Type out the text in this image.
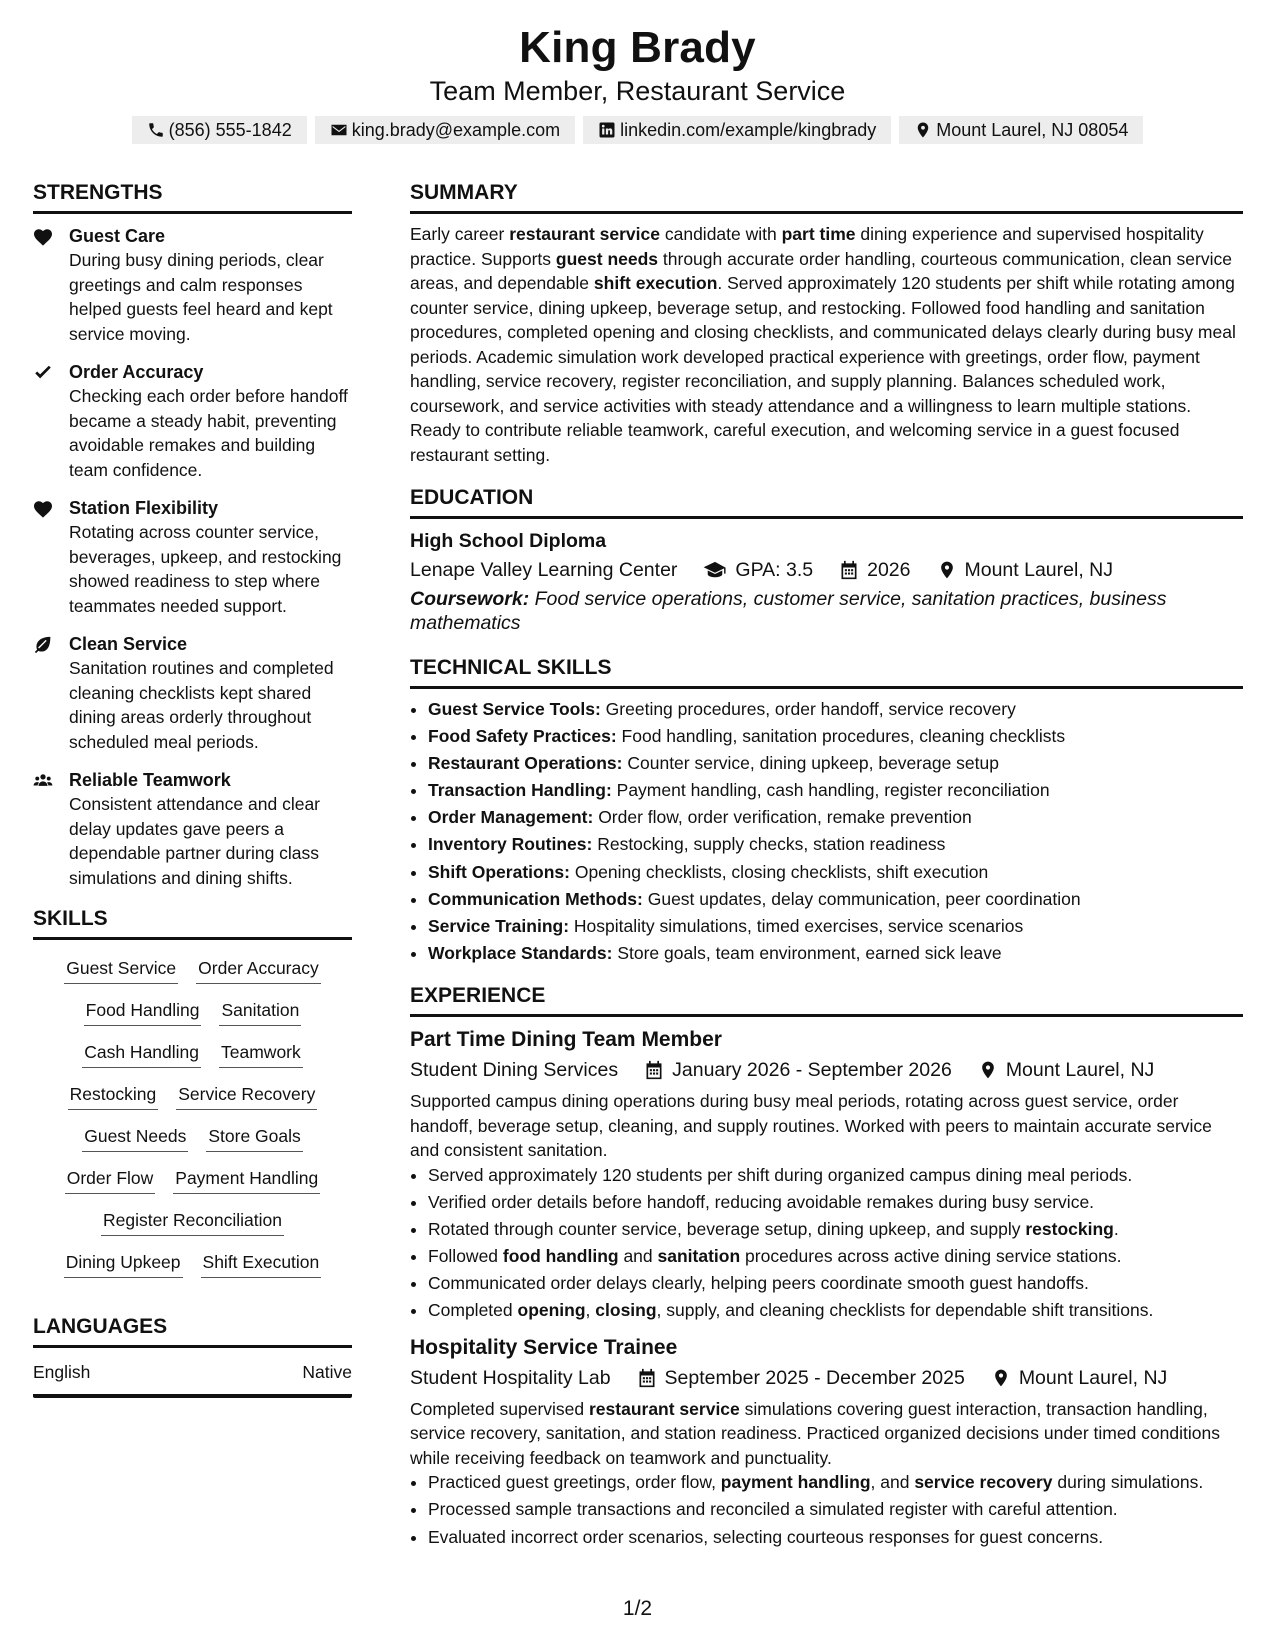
King Brady
Team Member, Restaurant Service
(856) 555-1842	king.brady@example.com	linkedin.com/example/kingbrady	Mount Laurel, NJ 08054
STRENGTHS
Guest Care
During busy dining periods, clear greetings and calm responses helped guests feel heard and kept service moving.
Order Accuracy
Checking each order before handoff became a steady habit, preventing avoidable remakes and building team confidence.
Station Flexibility
Rotating across counter service, beverages, upkeep, and restocking showed readiness to step where teammates needed support.
Clean Service
Sanitation routines and completed cleaning checklists kept shared dining areas orderly throughout scheduled meal periods.
Reliable Teamwork
Consistent attendance and clear delay updates gave peers a dependable partner during class simulations and dining shifts.
SKILLS
Guest Service Order Accuracy
Food Handling Sanitation
Cash Handling Teamwork
Restocking Service Recovery
Guest Needs Store Goals
Order Flow Payment Handling
Register Reconciliation
Dining Upkeep Shift Execution
LANGUAGES
English	Native
SUMMARY
Early career restaurant service candidate with part time dining experience and supervised hospitality practice. Supports guest needs through accurate order handling, courteous communication, clean service areas, and dependable shift execution. Served approximately 120 students per shift while rotating among counter service, dining upkeep, beverage setup, and restocking. Followed food handling and sanitation procedures, completed opening and closing checklists, and communicated delays clearly during busy meal periods. Academic simulation work developed practical experience with greetings, order flow, payment handling, service recovery, register reconciliation, and supply planning. Balances scheduled work, coursework, and service activities with steady attendance and a willingness to learn multiple stations. Ready to contribute reliable teamwork, careful execution, and welcoming service in a guest focused restaurant setting.
EDUCATION
High School Diploma
Lenape Valley Learning Center	GPA: 3.5	2026	Mount Laurel, NJ
Coursework: Food service operations, customer service, sanitation practices, business mathematics
TECHNICAL SKILLS
• Guest Service Tools: Greeting procedures, order handoff, service recovery
• Food Safety Practices: Food handling, sanitation procedures, cleaning checklists
• Restaurant Operations: Counter service, dining upkeep, beverage setup
• Transaction Handling: Payment handling, cash handling, register reconciliation
• Order Management: Order flow, order verification, remake prevention
• Inventory Routines: Restocking, supply checks, station readiness
• Shift Operations: Opening checklists, closing checklists, shift execution
• Communication Methods: Guest updates, delay communication, peer coordination
• Service Training: Hospitality simulations, timed exercises, service scenarios
• Workplace Standards: Store goals, team environment, earned sick leave
EXPERIENCE
Part Time Dining Team Member
Student Dining Services	January 2026 - September 2026	Mount Laurel, NJ
Supported campus dining operations during busy meal periods, rotating across guest service, order handoff, beverage setup, cleaning, and supply routines. Worked with peers to maintain accurate service and consistent sanitation.
• Served approximately 120 students per shift during organized campus dining meal periods.
• Verified order details before handoff, reducing avoidable remakes during busy service.
• Rotated through counter service, beverage setup, dining upkeep, and supply restocking.
• Followed food handling and sanitation procedures across active dining service stations.
• Communicated order delays clearly, helping peers coordinate smooth guest handoffs.
• Completed opening, closing, supply, and cleaning checklists for dependable shift transitions.
Hospitality Service Trainee
Student Hospitality Lab	September 2025 - December 2025	Mount Laurel, NJ
Completed supervised restaurant service simulations covering guest interaction, transaction handling, service recovery, sanitation, and station readiness. Practiced organized decisions under timed conditions while receiving feedback on teamwork and punctuality.
• Practiced guest greetings, order flow, payment handling, and service recovery during simulations.
• Processed sample transactions and reconciled a simulated register with careful attention.
• Evaluated incorrect order scenarios, selecting courteous responses for guest concerns.
1/2
